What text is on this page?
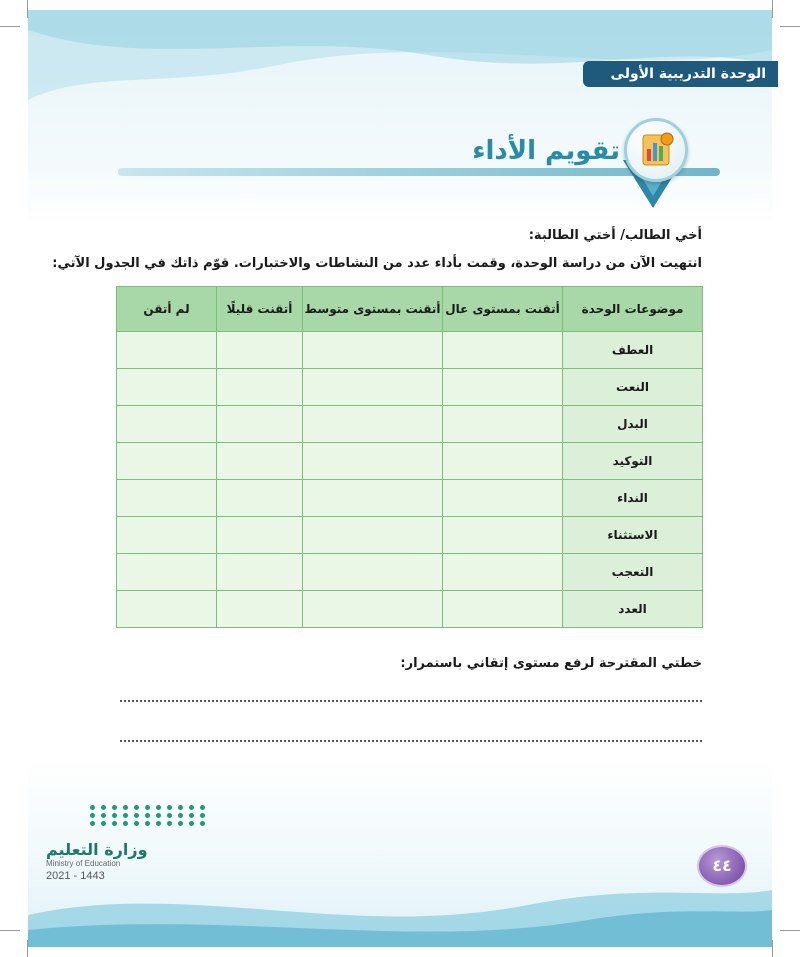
الوحدة التدريبية الأولى
تقويم الأداء
أخي الطالب/ أختي الطالبة:
انتهيت الآن من دراسة الوحدة، وقمت بأداء عدد من النشاطات والاختبارات. قوّم ذاتك في الجدول الآتي:
موضوعات الوحدة	أتقنت بمستوى عال	أتقنت بمستوى متوسط	أتقنت قليلًا	لم أتقن
العطف				
النعت				
البدل				
التوكيد				
النداء				
الاستثناء				
التعجب				
العدد				
خطتي المقترحة لرفع مستوى إتقاني باستمرار:
وزارة التعليم
Ministry of Education
2021 - 1443
٤٤
